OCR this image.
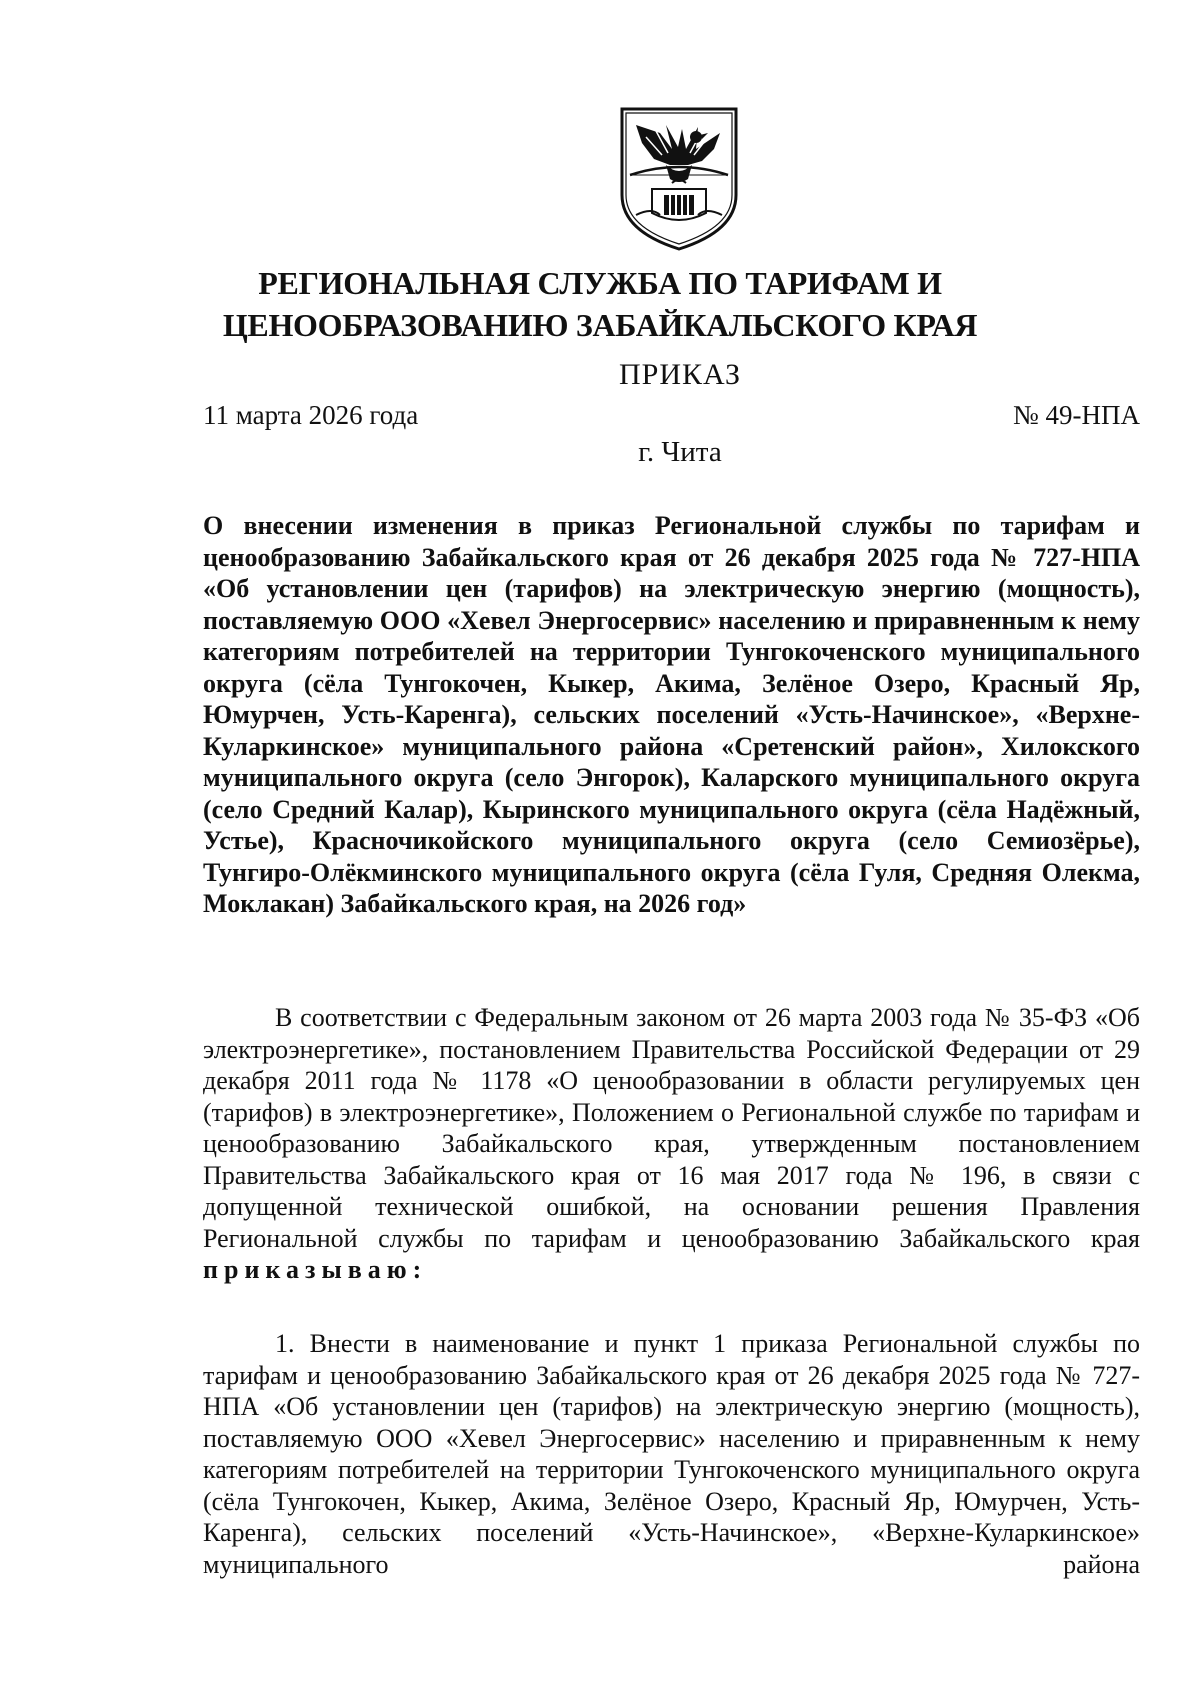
РЕГИОНАЛЬНАЯ СЛУЖБА ПО ТАРИФАМ И
ЦЕНООБРАЗОВАНИЮ ЗАБАЙКАЛЬСКОГО КРАЯ
ПРИКАЗ
11 марта 2026 года	№ 49-НПА
г. Чита
О внесении изменения в приказ Региональной службы по тарифам и ценообразованию Забайкальского края от 26 декабря 2025 года № 727-НПА «Об установлении цен (тарифов) на электрическую энергию (мощность), поставляемую ООО «Хевел Энергосервис» населению и приравненным к нему категориям потребителей на территории Тунгокоченского муниципального округа (сёла Тунгокочен, Кыкер, Акима, Зелёное Озеро, Красный Яр, Юмурчен, Усть-Каренга), сельских поселений «Усть-Начинское», «Верхне-Куларкинское» муниципального района «Сретенский район», Хилокского муниципального округа (село Энгорок), Каларского муниципального округа (село Средний Калар), Кыринского муниципального округа (сёла Надёжный, Устье), Красночикойского муниципального округа (село Семиозёрье), Тунгиро-Олёкминского муниципального округа (сёла Гуля, Средняя Олекма, Моклакан) Забайкальского края, на 2026 год»
В соответствии с Федеральным законом от 26 марта 2003 года № 35-ФЗ «Об электроэнергетике», постановлением Правительства Российской Федерации от 29 декабря 2011 года № 1178 «О ценообразовании в области регулируемых цен (тарифов) в электроэнергетике», Положением о Региональной службе по тарифам и ценообразованию Забайкальского края, утвержденным постановлением Правительства Забайкальского края от 16 мая 2017 года № 196, в связи с допущенной технической ошибкой, на основании решения Правления Региональной службы по тарифам и ценообразованию Забайкальского края приказываю:
1. Внести в наименование и пункт 1 приказа Региональной службы по тарифам и ценообразованию Забайкальского края от 26 декабря 2025 года № 727-НПА «Об установлении цен (тарифов) на электрическую энергию (мощность), поставляемую ООО «Хевел Энергосервис» населению и приравненным к нему категориям потребителей на территории Тунгокоченского муниципального округа (сёла Тунгокочен, Кыкер, Акима, Зелёное Озеро, Красный Яр, Юмурчен, Усть-Каренга), сельских поселений «Усть-Начинское», «Верхне-Куларкинское» муниципального района
